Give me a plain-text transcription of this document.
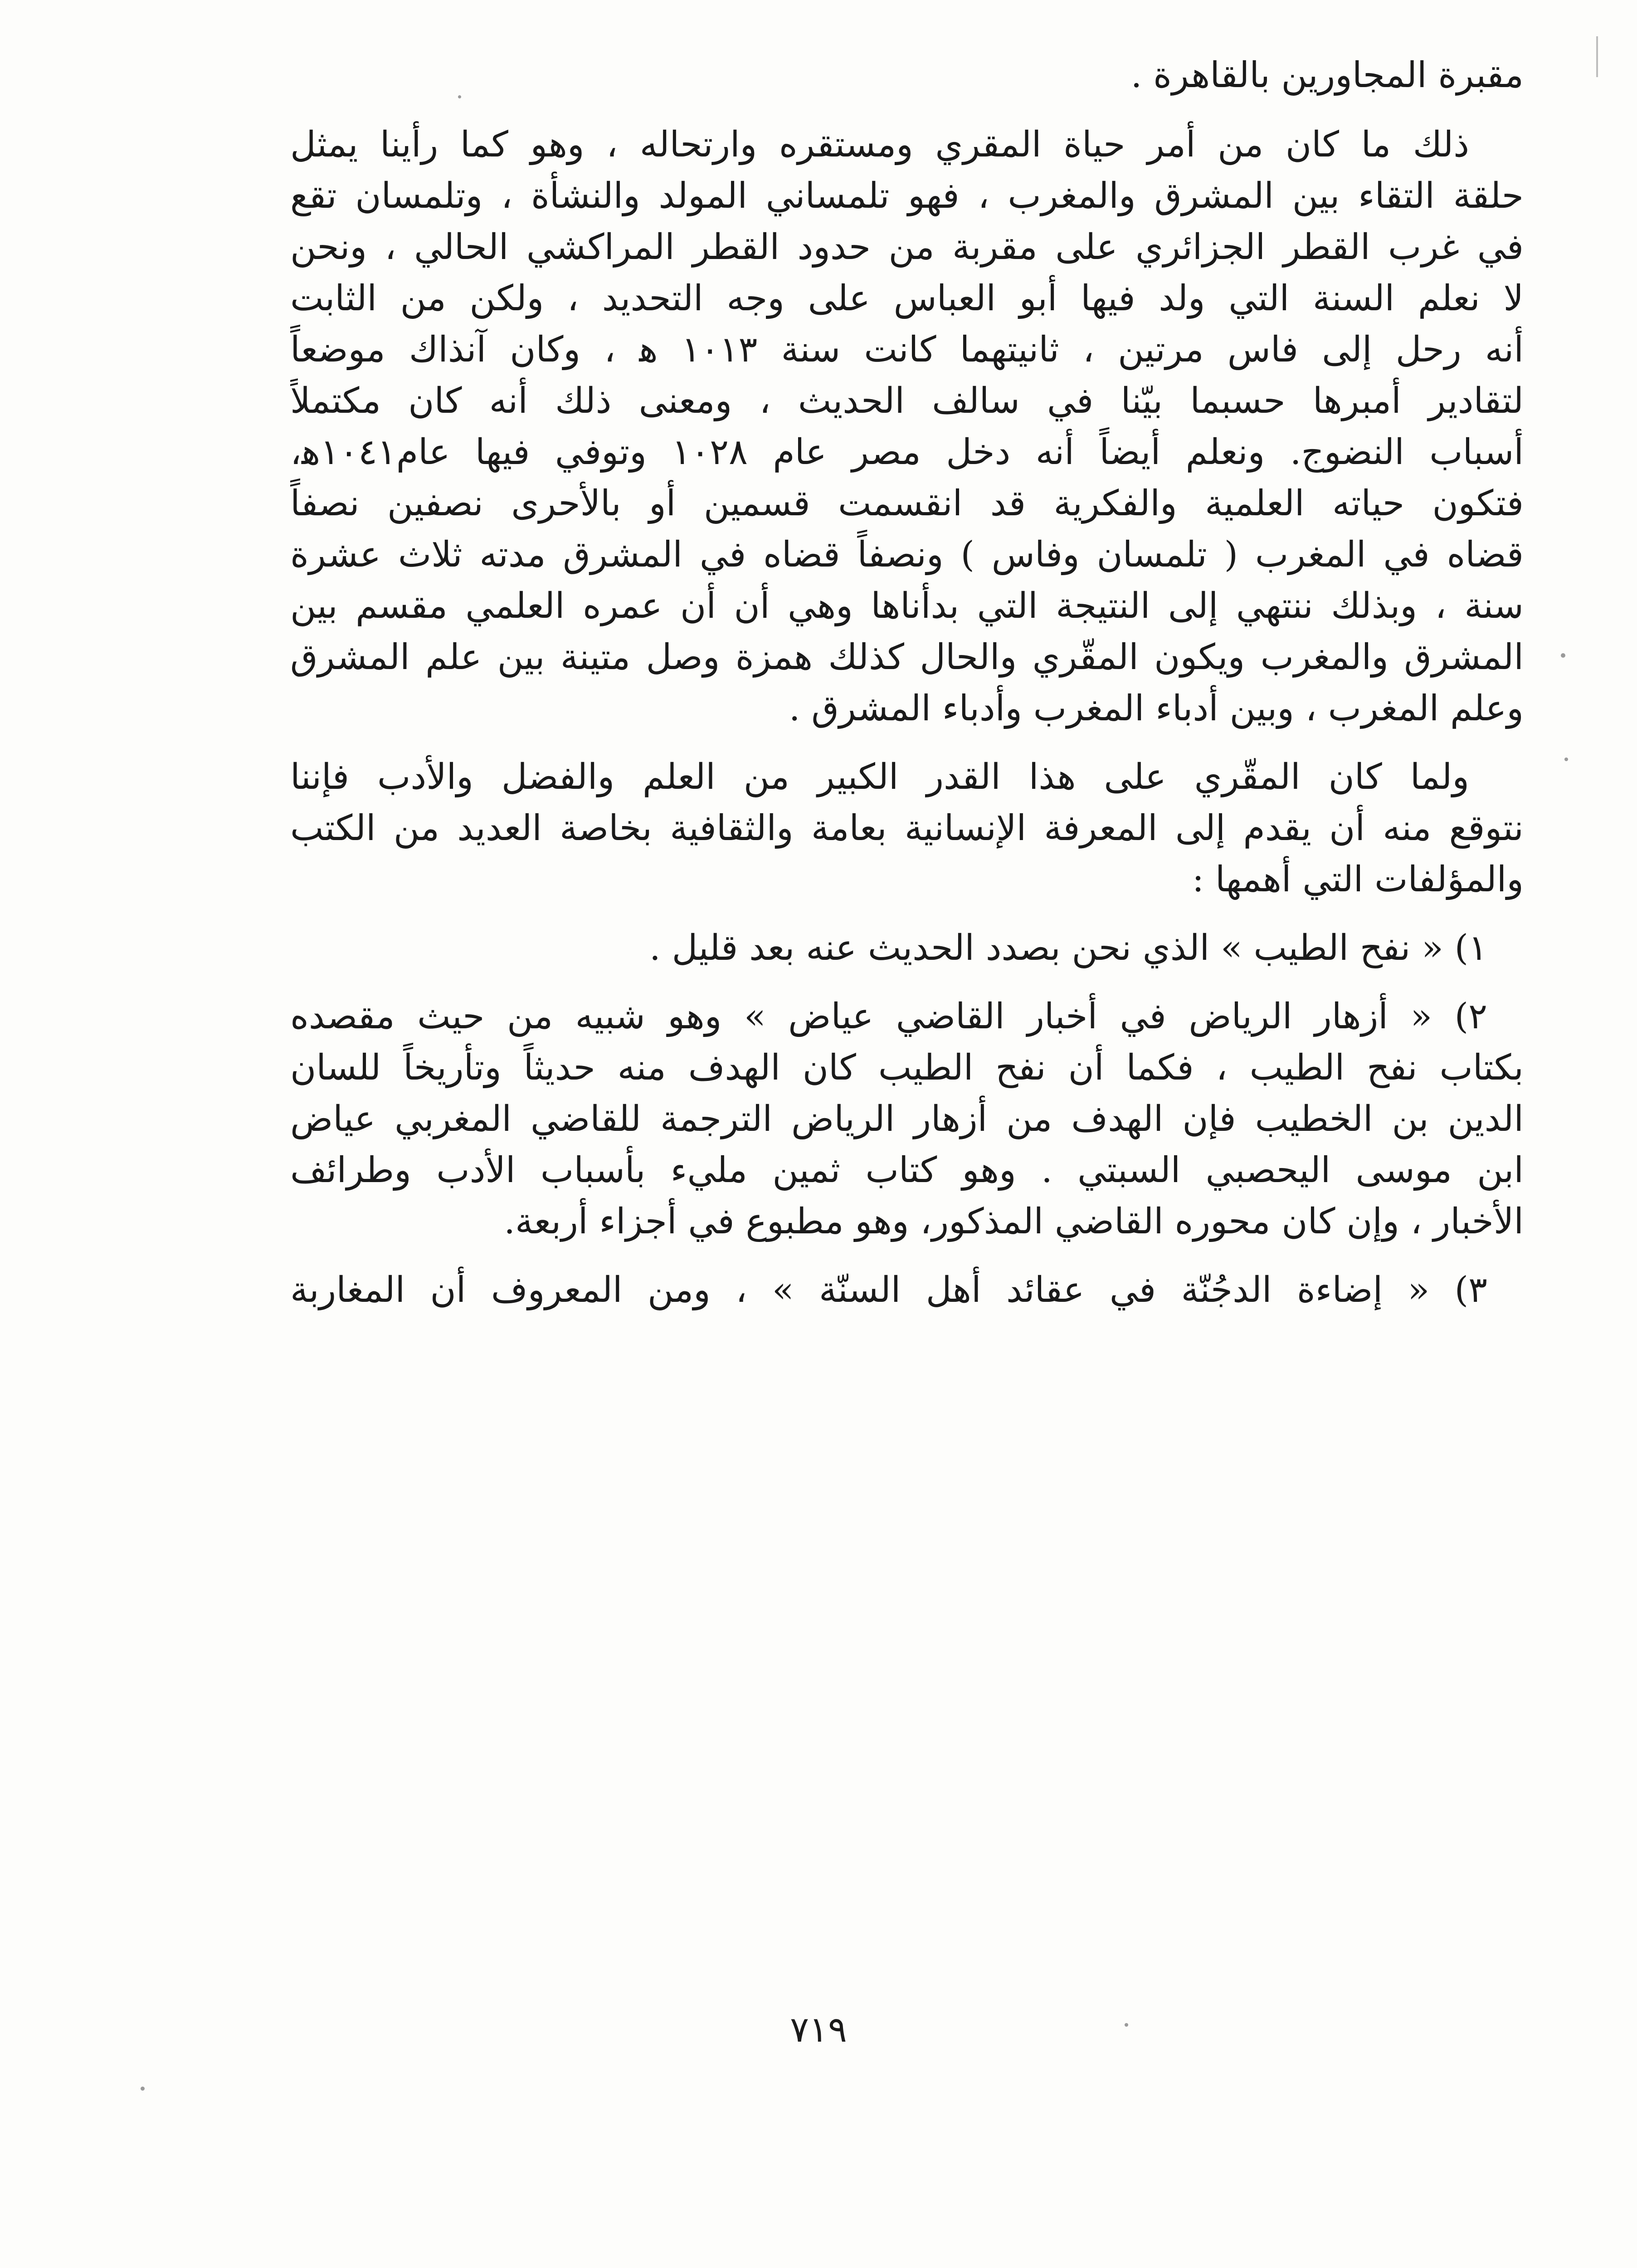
مقبرة المجاورين بالقاهرة .
ذلك ما كان من أمر حياة المقري ومستقره وارتحاله ، وهو كما رأينا يمثل
حلقة التقاء بين المشرق والمغرب ، فهو تلمساني المولد والنشأة ، وتلمسان تقع
في غرب القطر الجزائري على مقربة من حدود القطر المراكشي الحالي ، ونحن
لا نعلم السنة التي ولد فيها أبو العباس على وجه التحديد ، ولكن من الثابت
أنه رحل إلى فاس مرتين ، ثانيتهما كانت سنة ١٠١٣ ﻫ ، وكان آنذاك موضعاً
لتقادير أمبرها حسبما بيّنا في سالف الحديث ، ومعنى ذلك أنه كان مكتملاً
أسباب النضوج. ونعلم أيضاً أنه دخل مصر عام ١٠٢٨ وتوفي فيها عام١٠٤١ﻫ،
فتكون حياته العلمية والفكرية قد انقسمت قسمين أو بالأحرى نصفين نصفاً
قضاه في المغرب ( تلمسان وفاس ) ونصفاً قضاه في المشرق مدته ثلاث عشرة
سنة ، وبذلك ننتهي إلى النتيجة التي بدأناها وهي أن أن عمره العلمي مقسم بين
المشرق والمغرب ويكون المقّري والحال كذلك همزة وصل متينة بين علم المشرق
وعلم المغرب ، وبين أدباء المغرب وأدباء المشرق .
ولما كان المقّري على هذا القدر الكبير من العلم والفضل والأدب فإننا
نتوقع منه أن يقدم إلى المعرفة الإنسانية بعامة والثقافية بخاصة العديد من الكتب
والمؤلفات التي أهمها :
١) « نفح الطيب » الذي نحن بصدد الحديث عنه بعد قليل .
٢) « أزهار الرياض في أخبار القاضي عياض » وهو شبيه من حيث مقصده
بكتاب نفح الطيب ، فكما أن نفح الطيب كان الهدف منه حديثاً وتأريخاً للسان
الدين بن الخطيب فإن الهدف من أزهار الرياض الترجمة للقاضي المغربي عياض
ابن موسى اليحصبي السبتي . وهو كتاب ثمين مليء بأسباب الأدب وطرائف
الأخبار ، وإن كان محوره القاضي المذكور، وهو مطبوع في أجزاء أربعة.
٣) « إضاءة الدجُنّة في عقائد أهل السنّة » ، ومن المعروف أن المغاربة
٧١٩
